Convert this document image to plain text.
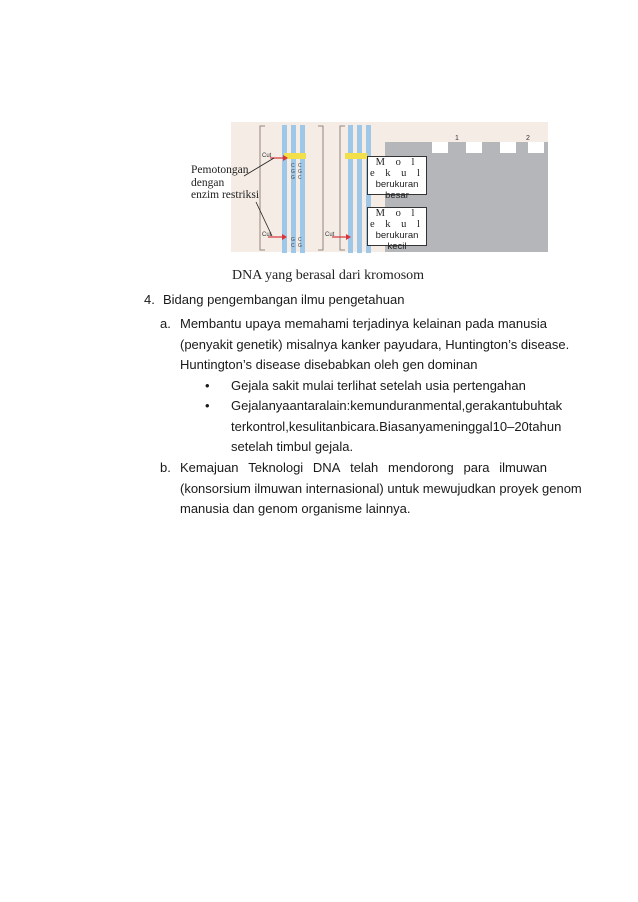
C
G
G
C
G
C
G
C
C
G
1	2
Cut
Cut	Cut
Pemotongan
dengan
enzim restriksi
M o l e k u l
berukuran
besar
M o l e k u l
berukuran
kecil
DNA yang berasal dari kromosom
4. Bidang pengembangan ilmu pengetahuan
a. Membantu upaya memahami terjadinya kelainan pada manusia
(penyakit genetik) misalnya kanker payudara, Huntington’s disease.
Huntington’s disease disebabkan oleh gen dominan
• Gejala sakit mulai terlihat setelah usia pertengahan
• Gejalanya antara lain: kemunduran mental, gerakan tubuh tak
terkontrol, kesulitan bicara. Biasanya meninggal10–20 tahun
setelah timbul gejala.
b. Kemajuan Teknologi DNA telah mendorong para ilmuwan
(konsorsium ilmuwan internasional) untuk mewujudkan proyek genom
manusia dan genom organisme lainnya.
